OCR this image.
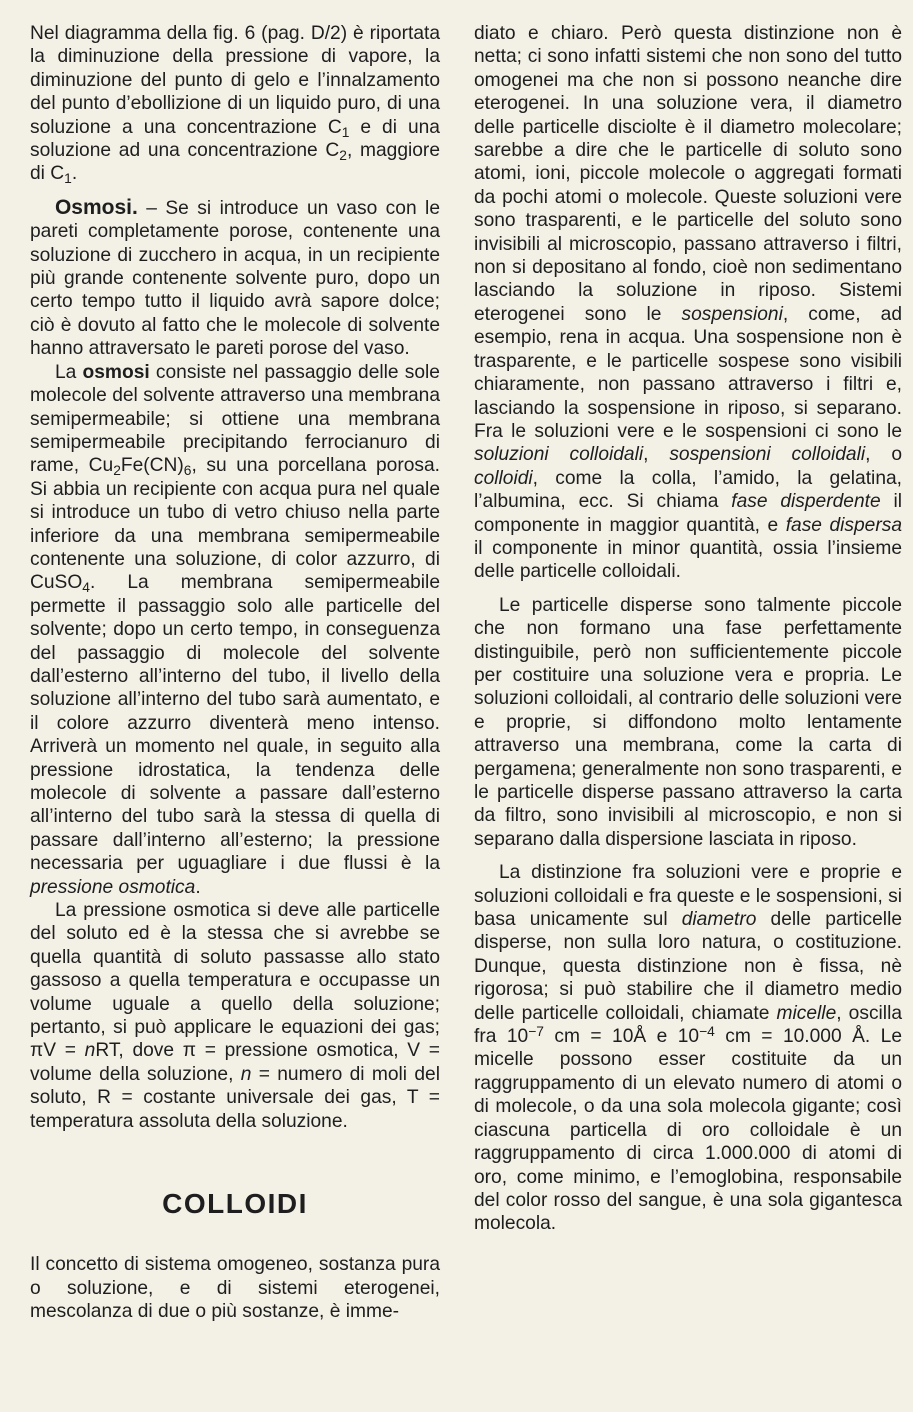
Nel diagramma della fig. 6 (pag. D/2) è riportata la diminuzione della pressione di vapore, la diminuzione del punto di gelo e l’innalzamento del punto d’ebollizione di un liquido puro, di una soluzione a una concentrazione $C_1$ e di una soluzione ad una concentrazione $C_2$, maggiore di $C_1$.

Osmosi. – Se si introduce un vaso con le pareti completamente porose, contenente una soluzione di zucchero in acqua, in un recipiente più grande contenente solvente puro, dopo un certo tempo tutto il liquido avrà sapore dolce; ciò è dovuto al fatto che le molecole di solvente hanno attraversato le pareti porose del vaso.

La osmosi consiste nel passaggio delle sole molecole del solvente attraverso una membrana semipermeabile; si ottiene una membrana semipermeabile precipitando ferrocianuro di rame, $Cu_2Fe(CN)_6$, su una porcellana porosa. Si abbia un recipiente con acqua pura nel quale si introduce un tubo di vetro chiuso nella parte inferiore da una membrana semipermeabile contenente una soluzione, di color azzurro, di CuSO$_4$. La membrana semipermeabile permette il passaggio solo alle particelle del solvente; dopo un certo tempo, in conseguenza del passaggio di molecole del solvente dall’esterno all’interno del tubo, il livello della soluzione all’interno del tubo sarà aumentato, e il colore azzurro diventerà meno intenso. Arriverà un momento nel quale, in seguito alla pressione idrostatica, la tendenza delle molecole di solvente a passare dall’esterno all’interno del tubo sarà la stessa di quella di passare dall’interno all’esterno; la pressione necessaria per uguagliare i due flussi è la pressione osmotica.

La pressione osmotica si deve alle particelle del soluto ed è la stessa che si avrebbe se quella quantità di soluto passasse allo stato gassoso a quella temperatura e occupasse un volume uguale a quello della soluzione; pertanto, si può applicare le equazioni dei gas; πV = nRT, dove π = pressione osmotica, V = volume della soluzione, n = numero di moli del soluto, R = costante universale dei gas, T = temperatura assoluta della soluzione.

COLLOIDI

Il concetto di sistema omogeneo, sostanza pura o soluzione, e di sistemi eterogenei, mescolanza di due o più sostanze, è imme-

diato e chiaro. Però questa distinzione non è netta; ci sono infatti sistemi che non sono del tutto omogenei ma che non si possono neanche dire eterogenei. In una soluzione vera, il diametro delle particelle disciolte è il diametro molecolare; sarebbe a dire che le particelle di soluto sono atomi, ioni, piccole molecole o aggregati formati da pochi atomi o molecole. Queste soluzioni vere sono trasparenti, e le particelle del soluto sono invisibili al microscopio, passano attraverso i filtri, non si depositano al fondo, cioè non sedimentano lasciando la soluzione in riposo. Sistemi eterogenei sono le sospensioni, come, ad esempio, rena in acqua. Una sospensione non è trasparente, e le particelle sospese sono visibili chiaramente, non passano attraverso i filtri e, lasciando la sospensione in riposo, si separano. Fra le soluzioni vere e le sospensioni ci sono le soluzioni colloidali, sospensioni colloidali, o colloidi, come la colla, l’amido, la gelatina, l’albumina, ecc. Si chiama fase disperdente il componente in maggior quantità, e fase dispersa il componente in minor quantità, ossia l’insieme delle particelle colloidali.

Le particelle disperse sono talmente piccole che non formano una fase perfettamente distinguibile, però non sufficientemente piccole per costituire una soluzione vera e propria. Le soluzioni colloidali, al contrario delle soluzioni vere e proprie, si diffondono molto lentamente attraverso una membrana, come la carta di pergamena; generalmente non sono trasparenti, e le particelle disperse passano attraverso la carta da filtro, sono invisibili al microscopio, e non si separano dalla dispersione lasciata in riposo.

La distinzione fra soluzioni vere e proprie e soluzioni colloidali e fra queste e le sospensioni, si basa unicamente sul diametro delle particelle disperse, non sulla loro natura, o costituzione. Dunque, questa distinzione non è fissa, nè rigorosa; si può stabilire che il diametro medio delle particelle colloidali, chiamate micelle, oscilla fra $10^{-7}$ cm = 10Å e $10^{-4}$ cm = 10.000 Å. Le micelle possono esser costituite da un raggruppamento di un elevato numero di atomi o di molecole, o da una sola molecola gigante; così ciascuna particella di oro colloidale è un raggruppamento di circa 1.000.000 di atomi di oro, come minimo, e l’emoglobina, responsabile del color rosso del sangue, è una sola gigantesca molecola.
